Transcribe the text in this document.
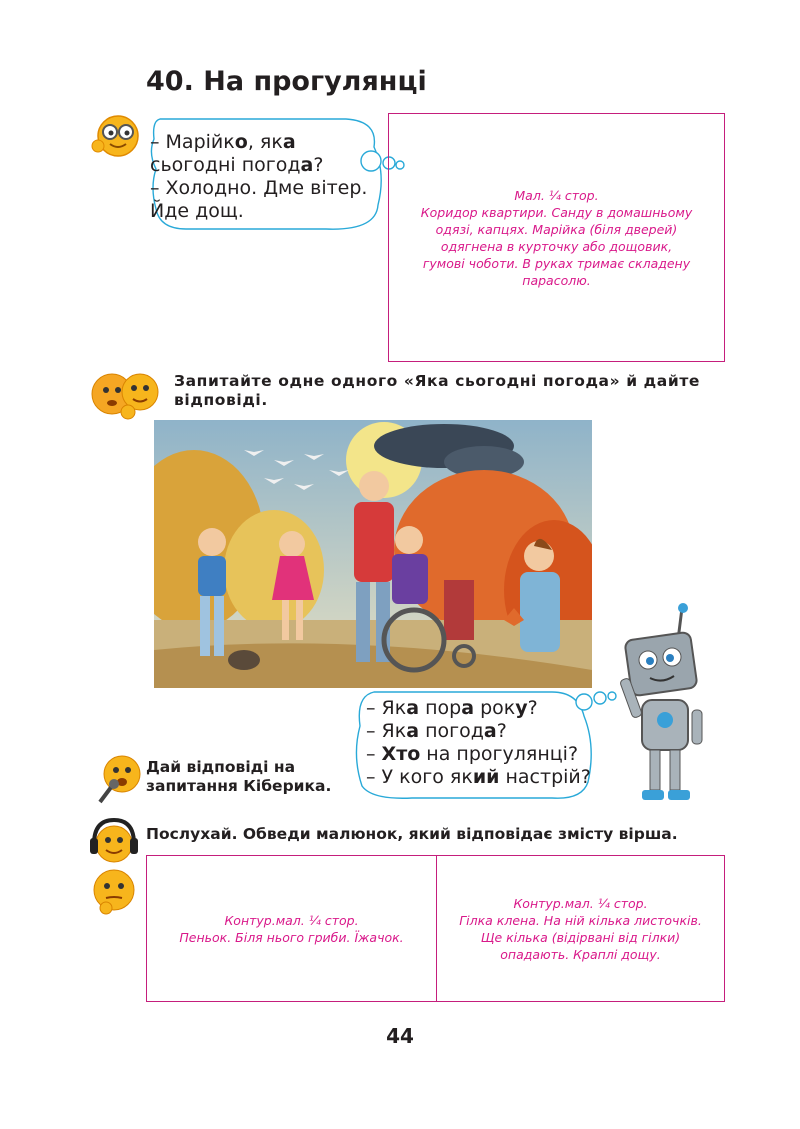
40. На прогулянці
– Марійко, яка
сьогодні погода?
– Холодно. Дме вітер.
Йде дощ.
Мал. ¼ стор.
Коридор квартири. Санду в домашньому
одязі, капцях. Марійка (біля дверей)
одягнена в курточку або дощовик,
гумові чоботи. В руках тримає складену
парасолю.
Запитайте одне одного «Яка сьогодні погода» й дайте відповіді.
– Яка пора року?
– Яка погода?
– Хто на прогулянці?
– У кого який настрій?
Дай відповіді на
запитання Кіберика.
Послухай. Обведи малюнок, який відповідає змісту вірша.
Контур.мал. ¼ стор.
Пеньок. Біля нього гриби. Їжачок.
Контур.мал. ¼ стор.
Гілка клена. На ній кілька листочків.
Ще кілька (відірвані від гілки)
опадають. Краплі дощу.
44
